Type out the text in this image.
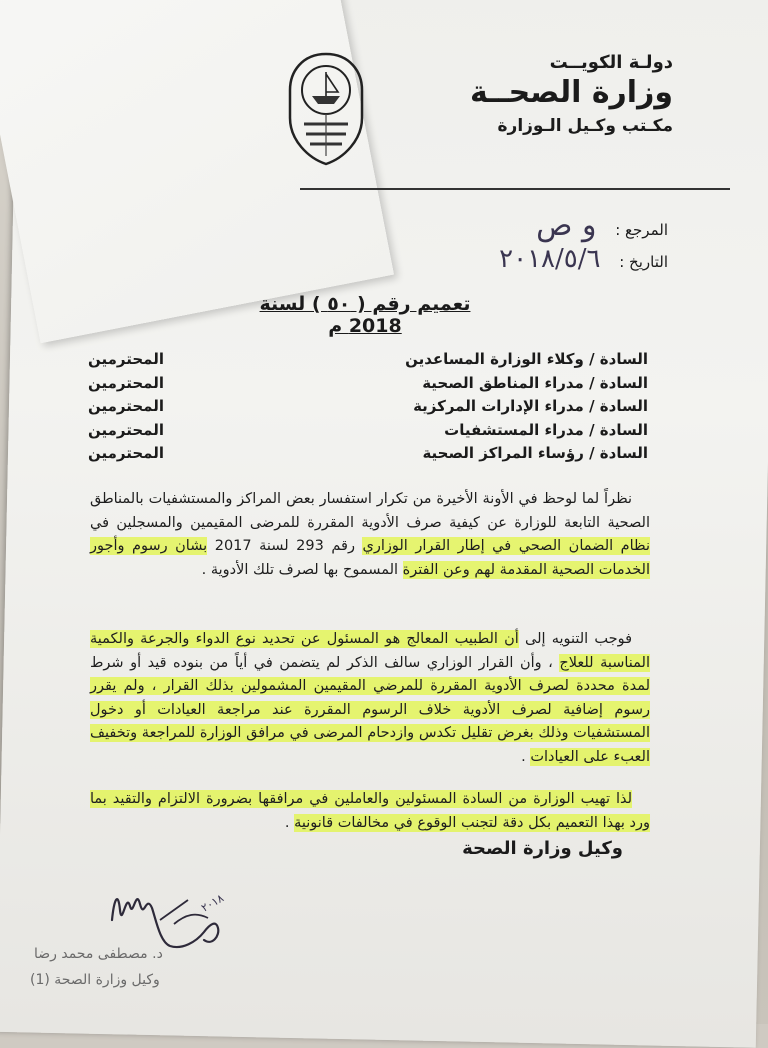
دولـة الكويــت
وزارة الصحــة
مكـتب وكـيل الـوزارة
المرجع : و ص
التاريخ : ٢٠١٨/٥/٦
تعميم رقم ( ٥٠ ) لسنة 2018 م
السادة / وكلاء الوزارة المساعدين
المحترمين
السادة / مدراء المناطق الصحية
المحترمين
السادة / مدراء الإدارات المركزية
المحترمين
السادة / مدراء المستشفيات
المحترمين
السادة / رؤساء المراكز الصحية
المحترمين

نظراً لما لوحظ في الأونة الأخيرة من تكرار استفسار بعض المراكز والمستشفيات بالمناطق الصحية التابعة للوزارة عن كيفية صرف الأدوية المقررة للمرضى المقيمين والمسجلين في نظام الضمان الصحي في إطار القرار الوزاري رقم 293 لسنة 2017 بشان رسوم وأجور الخدمات الصحية المقدمة لهم وعن الفترة المسموح بها لصرف تلك الأدوية .

فوجب التنويه إلى أن الطبيب المعالج هو المسئول عن تحديد نوع الدواء والجرعة والكمية المناسبة للعلاج ، وأن القرار الوزاري سالف الذكر لم يتضمن في أياً من بنوده قيد أو شرط لمدة محددة لصرف الأدوية المقررة للمرضي المقيمين المشمولين بذلك القرار ، ولم يقرر رسوم إضافية لصرف الأدوية خلاف الرسوم المقررة عند مراجعة العيادات أو دخول المستشفيات وذلك بغرض تقليل تكدس وازدحام المرضى في مرافق الوزارة للمراجعة وتخفيف العبء على العيادات .

لذا تهيب الوزارة من السادة المسئولين والعاملين في مرافقها بضرورة الالتزام والتقيد بما ورد بهذا التعميم بكل دقة لتجنب الوقوع في مخالفات قانونية .

وكيل وزارة الصحة
٢٠١٨
د. مصطفى محمد رضا
وكيل وزارة الصحة (1)
